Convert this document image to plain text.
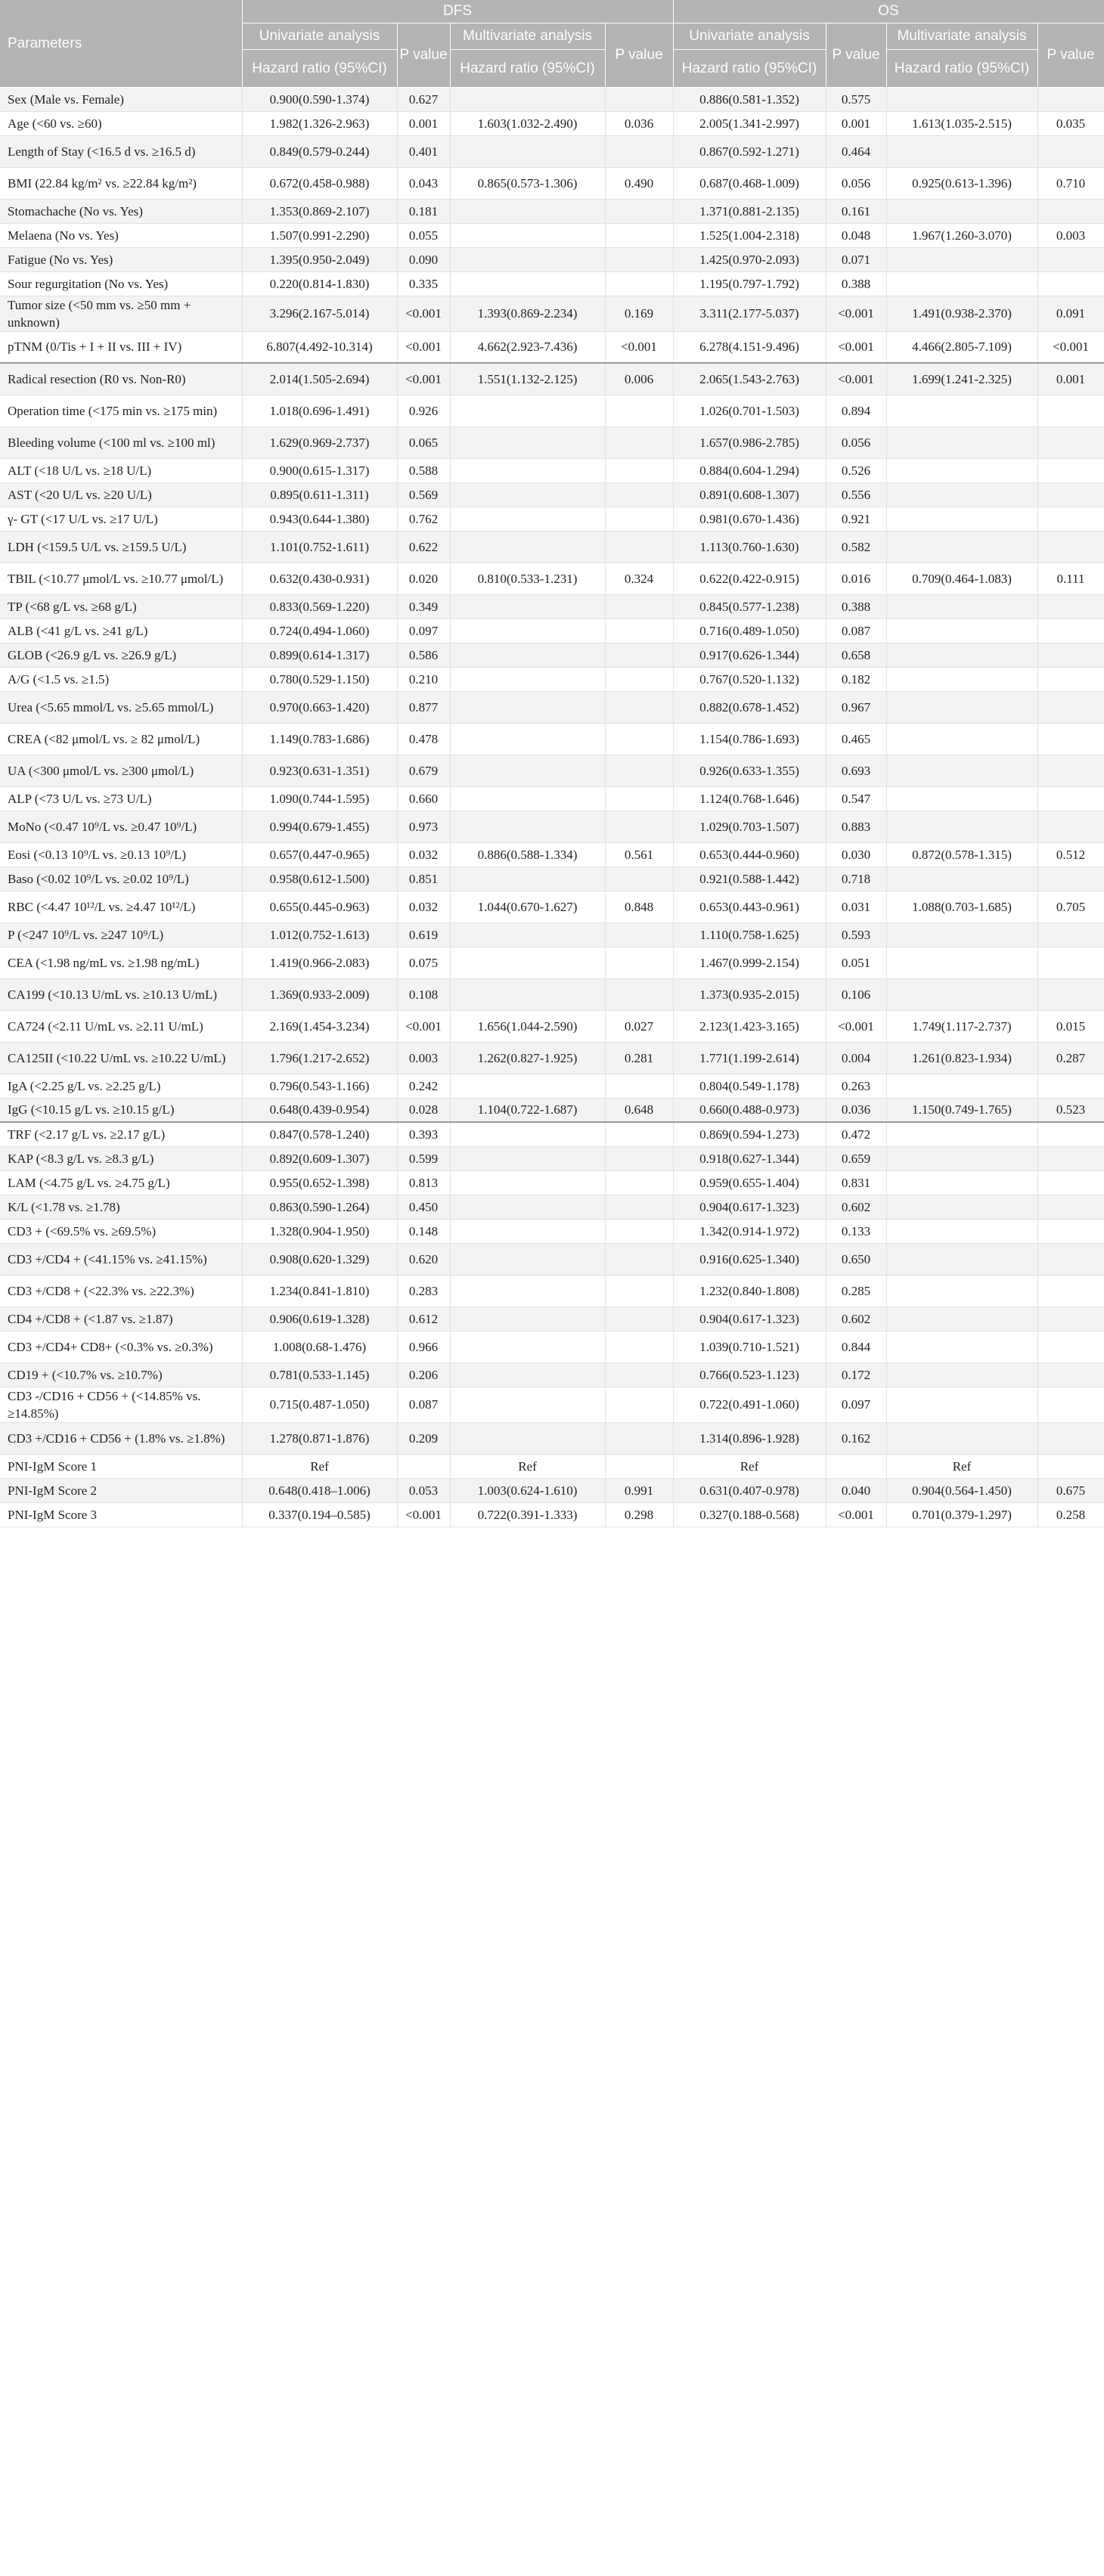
Parameters	DFS				OS			
	Univariate analysis	P value	Multivariate analysis	P value	Univariate analysis	P value	Multivariate analysis	P value
	Hazard ratio (95%CI)		Hazard ratio (95%CI)		Hazard ratio (95%CI)		Hazard ratio (95%CI)	
Sex (Male vs. Female)	0.900(0.590-1.374)	0.627			0.886(0.581-1.352)	0.575		
Age (<60 vs. ≥60)	1.982(1.326-2.963)	0.001	1.603(1.032-2.490)	0.036	2.005(1.341-2.997)	0.001	1.613(1.035-2.515)	0.035
Length of Stay (<16.5 d vs. ≥16.5 d)	0.849(0.579-0.244)	0.401			0.867(0.592-1.271)	0.464		
BMI (22.84 kg/m² vs. ≥22.84 kg/m²)	0.672(0.458-0.988)	0.043	0.865(0.573-1.306)	0.490	0.687(0.468-1.009)	0.056	0.925(0.613-1.396)	0.710
Stomachache (No vs. Yes)	1.353(0.869-2.107)	0.181			1.371(0.881-2.135)	0.161		
Melaena (No vs. Yes)	1.507(0.991-2.290)	0.055			1.525(1.004-2.318)	0.048	1.967(1.260-3.070)	0.003
Fatigue (No vs. Yes)	1.395(0.950-2.049)	0.090			1.425(0.970-2.093)	0.071		
Sour regurgitation (No vs. Yes)	0.220(0.814-1.830)	0.335			1.195(0.797-1.792)	0.388		
Tumor size (<50 mm vs. ≥50 mm + unknown)	3.296(2.167-5.014)	<0.001	1.393(0.869-2.234)	0.169	3.311(2.177-5.037)	<0.001	1.491(0.938-2.370)	0.091
pTNM (0/Tis + I + II vs. III + IV)	6.807(4.492-10.314)	<0.001	4.662(2.923-7.436)	<0.001	6.278(4.151-9.496)	<0.001	4.466(2.805-7.109)	<0.001
Radical resection (R0 vs. Non-R0)	2.014(1.505-2.694)	<0.001	1.551(1.132-2.125)	0.006	2.065(1.543-2.763)	<0.001	1.699(1.241-2.325)	0.001
Operation time (<175 min vs. ≥175 min)	1.018(0.696-1.491)	0.926			1.026(0.701-1.503)	0.894		
Bleeding volume (<100 ml vs. ≥100 ml)	1.629(0.969-2.737)	0.065			1.657(0.986-2.785)	0.056		
ALT (<18 U/L vs. ≥18 U/L)	0.900(0.615-1.317)	0.588			0.884(0.604-1.294)	0.526		
AST (<20 U/L vs. ≥20 U/L)	0.895(0.611-1.311)	0.569			0.891(0.608-1.307)	0.556		
γ- GT (<17 U/L vs. ≥17 U/L)	0.943(0.644-1.380)	0.762			0.981(0.670-1.436)	0.921		
LDH (<159.5 U/L vs. ≥159.5 U/L)	1.101(0.752-1.611)	0.622			1.113(0.760-1.630)	0.582		
TBIL (<10.77 μmol/L vs. ≥10.77 μmol/L)	0.632(0.430-0.931)	0.020	0.810(0.533-1.231)	0.324	0.622(0.422-0.915)	0.016	0.709(0.464-1.083)	0.111
TP (<68 g/L vs. ≥68 g/L)	0.833(0.569-1.220)	0.349			0.845(0.577-1.238)	0.388		
ALB (<41 g/L vs. ≥41 g/L)	0.724(0.494-1.060)	0.097			0.716(0.489-1.050)	0.087		
GLOB (<26.9 g/L vs. ≥26.9 g/L)	0.899(0.614-1.317)	0.586			0.917(0.626-1.344)	0.658		
A/G (<1.5 vs. ≥1.5)	0.780(0.529-1.150)	0.210			0.767(0.520-1.132)	0.182		
Urea (<5.65 mmol/L vs. ≥5.65 mmol/L)	0.970(0.663-1.420)	0.877			0.882(0.678-1.452)	0.967		
CREA (<82 μmol/L vs. ≥ 82 μmol/L)	1.149(0.783-1.686)	0.478			1.154(0.786-1.693)	0.465		
UA (<300 μmol/L vs. ≥300 μmol/L)	0.923(0.631-1.351)	0.679			0.926(0.633-1.355)	0.693		
ALP (<73 U/L vs. ≥73 U/L)	1.090(0.744-1.595)	0.660			1.124(0.768-1.646)	0.547		
MoNo (<0.47 10⁹/L vs. ≥0.47 10⁹/L)	0.994(0.679-1.455)	0.973			1.029(0.703-1.507)	0.883		
Eosi (<0.13 10⁹/L vs. ≥0.13 10⁹/L)	0.657(0.447-0.965)	0.032	0.886(0.588-1.334)	0.561	0.653(0.444-0.960)	0.030	0.872(0.578-1.315)	0.512
Baso (<0.02 10⁹/L vs. ≥0.02 10⁹/L)	0.958(0.612-1.500)	0.851			0.921(0.588-1.442)	0.718		
RBC (<4.47 10¹²/L vs. ≥4.47 10¹²/L)	0.655(0.445-0.963)	0.032	1.044(0.670-1.627)	0.848	0.653(0.443-0.961)	0.031	1.088(0.703-1.685)	0.705
P (<247 10⁹/L vs. ≥247 10⁹/L)	1.012(0.752-1.613)	0.619			1.110(0.758-1.625)	0.593		
CEA (<1.98 ng/mL vs. ≥1.98 ng/mL)	1.419(0.966-2.083)	0.075			1.467(0.999-2.154)	0.051		
CA199 (<10.13 U/mL vs. ≥10.13 U/mL)	1.369(0.933-2.009)	0.108			1.373(0.935-2.015)	0.106		
CA724 (<2.11 U/mL vs. ≥2.11 U/mL)	2.169(1.454-3.234)	<0.001	1.656(1.044-2.590)	0.027	2.123(1.423-3.165)	<0.001	1.749(1.117-2.737)	0.015
CA125II (<10.22 U/mL vs. ≥10.22 U/mL)	1.796(1.217-2.652)	0.003	1.262(0.827-1.925)	0.281	1.771(1.199-2.614)	0.004	1.261(0.823-1.934)	0.287
IgA (<2.25 g/L vs. ≥2.25 g/L)	0.796(0.543-1.166)	0.242			0.804(0.549-1.178)	0.263		
IgG (<10.15 g/L vs. ≥10.15 g/L)	0.648(0.439-0.954)	0.028	1.104(0.722-1.687)	0.648	0.660(0.488-0.973)	0.036	1.150(0.749-1.765)	0.523
TRF (<2.17 g/L vs. ≥2.17 g/L)	0.847(0.578-1.240)	0.393			0.869(0.594-1.273)	0.472		
KAP (<8.3 g/L vs. ≥8.3 g/L)	0.892(0.609-1.307)	0.599			0.918(0.627-1.344)	0.659		
LAM (<4.75 g/L vs. ≥4.75 g/L)	0.955(0.652-1.398)	0.813			0.959(0.655-1.404)	0.831		
K/L (<1.78 vs. ≥1.78)	0.863(0.590-1.264)	0.450			0.904(0.617-1.323)	0.602		
CD3 + (<69.5% vs. ≥69.5%)	1.328(0.904-1.950)	0.148			1.342(0.914-1.972)	0.133		
CD3 +/CD4 + (<41.15% vs. ≥41.15%)	0.908(0.620-1.329)	0.620			0.916(0.625-1.340)	0.650		
CD3 +/CD8 + (<22.3% vs. ≥22.3%)	1.234(0.841-1.810)	0.283			1.232(0.840-1.808)	0.285		
CD4 +/CD8 + (<1.87 vs. ≥1.87)	0.906(0.619-1.328)	0.612			0.904(0.617-1.323)	0.602		
CD3 +/CD4+ CD8+ (<0.3% vs. ≥0.3%)	1.008(0.68-1.476)	0.966			1.039(0.710-1.521)	0.844		
CD19 + (<10.7% vs. ≥10.7%)	0.781(0.533-1.145)	0.206			0.766(0.523-1.123)	0.172		
CD3 -/CD16 + CD56 + (<14.85% vs. ≥14.85%)	0.715(0.487-1.050)	0.087			0.722(0.491-1.060)	0.097		
CD3 +/CD16 + CD56 + (1.8% vs. ≥1.8%)	1.278(0.871-1.876)	0.209			1.314(0.896-1.928)	0.162		
PNI-IgM Score 1	Ref		Ref		Ref		Ref	
PNI-IgM Score 2	0.648(0.418–1.006)	0.053	1.003(0.624-1.610)	0.991	0.631(0.407-0.978)	0.040	0.904(0.564-1.450)	0.675
PNI-IgM Score 3	0.337(0.194–0.585)	<0.001	0.722(0.391-1.333)	0.298	0.327(0.188-0.568)	<0.001	0.701(0.379-1.297)	0.258
